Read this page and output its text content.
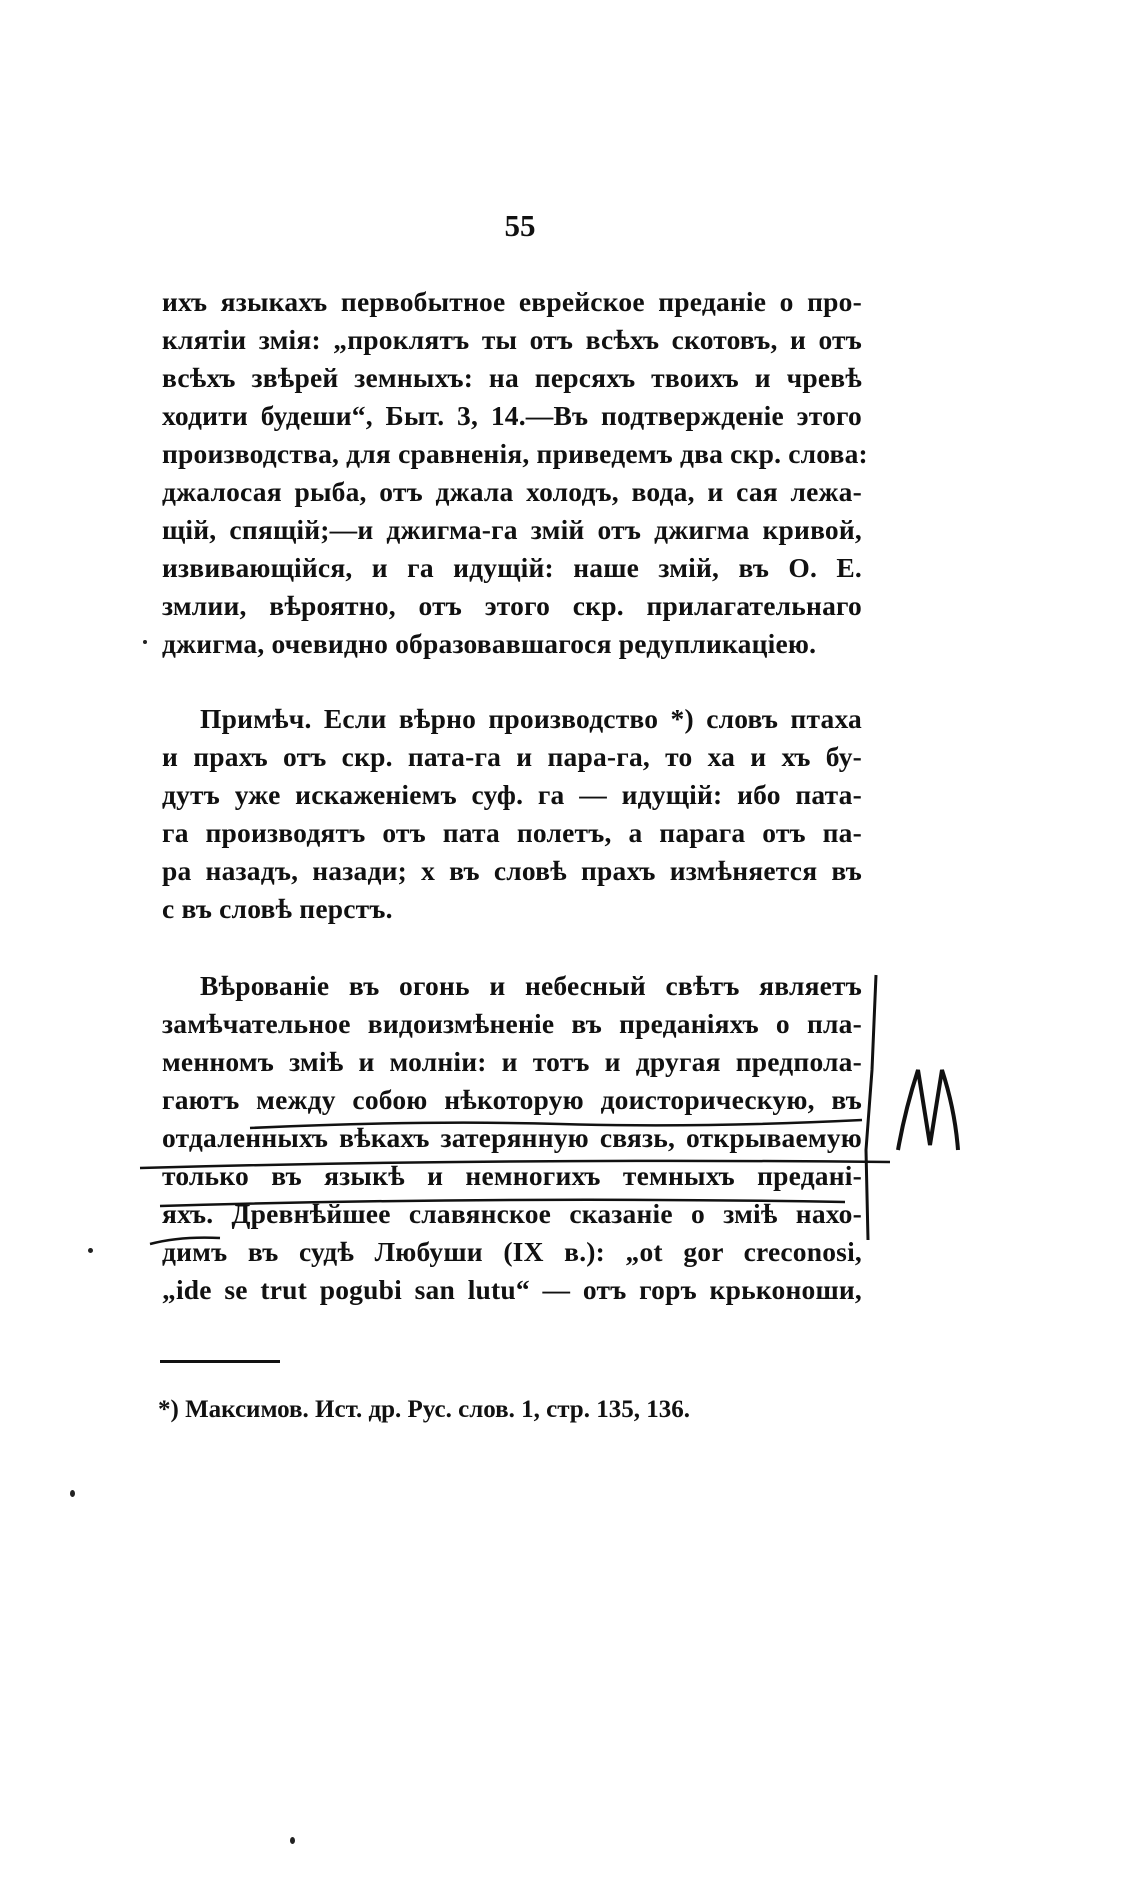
55
ихъ языкахъ первобытное еврейское преданіе о про-
клятіи змія: „проклятъ ты отъ всѣхъ скотовъ, и отъ
всѣхъ звѣрей земныхъ: на персяхъ твоихъ и чревѣ
ходити будеши“, Быт. 3, 14.—Въ подтвержденіе этого
производства, для сравненія, приведемъ два скр. слова:
джалосая рыба, отъ джала холодъ, вода, и сая лежа-
щій, спящій;—и джигма-га змій отъ джигма кривой,
извивающійся, и га идущій: наше змій, въ О. Е.
змлии, вѣроятно, отъ этого скр. прилагательнаго
джигма, очевидно образовавшагося редупликаціею.
Примѣч. Если вѣрно производство *) словъ птаха
и прахъ отъ скр. пата-га и пара-га, то ха и хъ бу-
дутъ уже искаженіемъ суф. га — идущій: ибо пата-
га производятъ отъ пата полетъ, а парага отъ па-
ра назадъ, назади; х въ словѣ прахъ измѣняется въ
с въ словѣ перстъ.
Вѣрованіе въ огонь и небесный свѣтъ являетъ
замѣчательное видоизмѣненіе въ преданіяхъ о пла-
менномъ зміѣ и молніи: и тотъ и другая предпола-
гаютъ между собою нѣкоторую доисторическую, въ
отдаленныхъ вѣкахъ затерянную связь, открываемую
только въ языкѣ и немногихъ темныхъ предані-
яхъ. Древнѣйшее славянское сказаніе о зміѣ нахо-
димъ въ судѣ Любуши (IX в.): „ot gor creconosi,
„ide se trut pogubi san lutu“ — отъ горъ крьконоши,
*) Максимов. Ист. др. Рус. слов. 1, стр. 135, 136.
